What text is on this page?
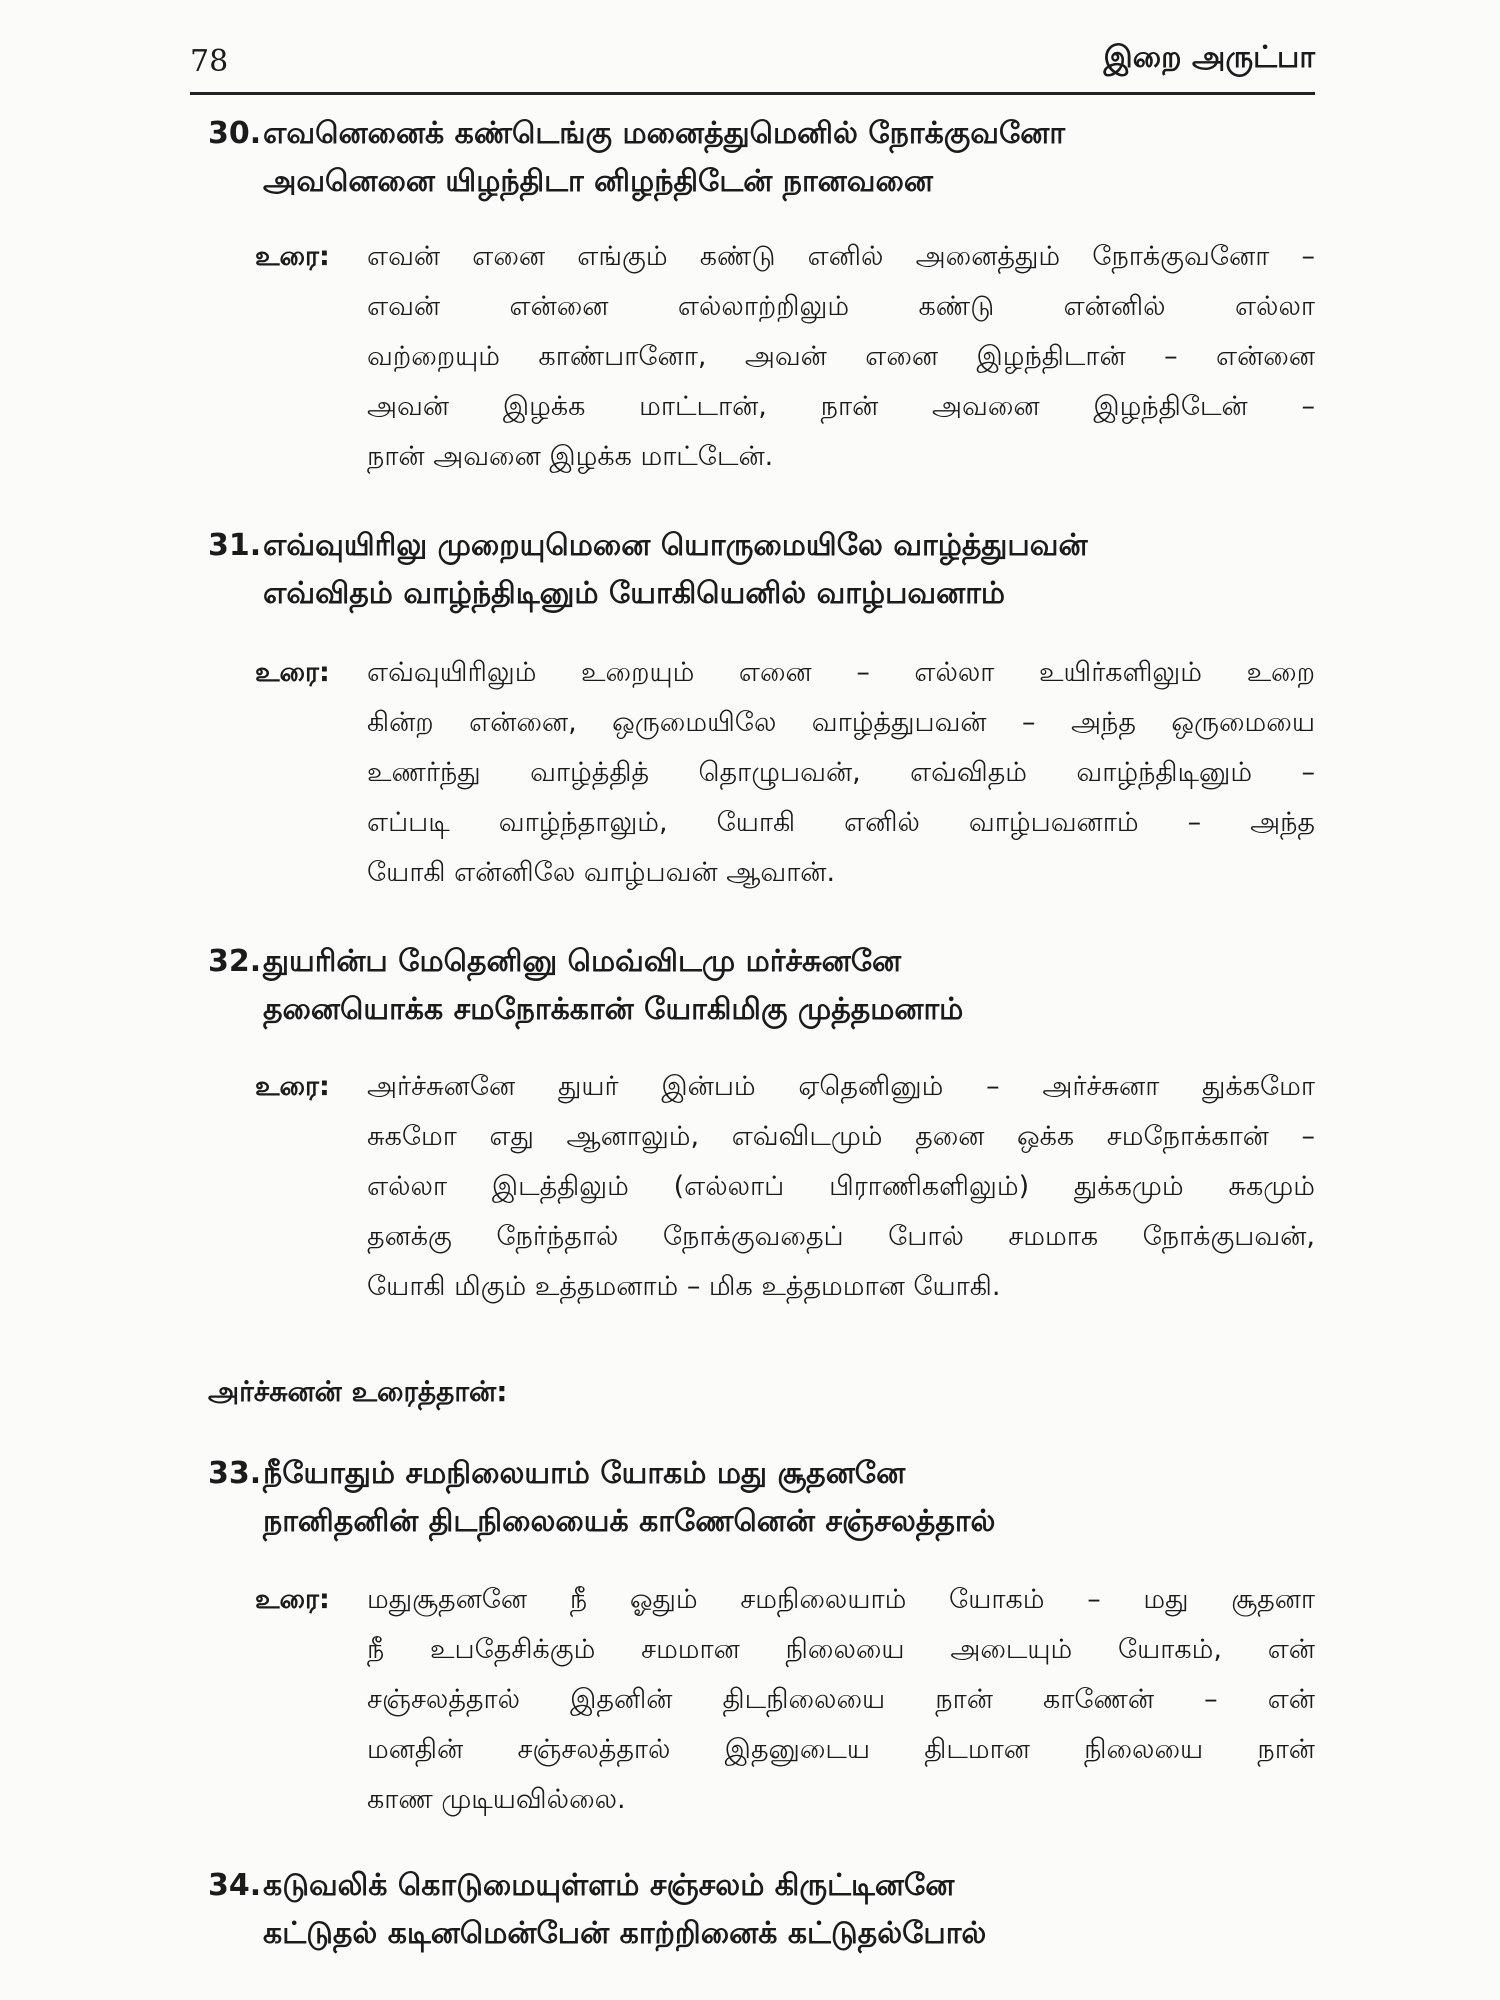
78	இறை அருட்பா
30. எவனெனைக் கண்டெங்கு மனைத்துமெனில் நோக்குவனோ
அவனெனை யிழந்திடா னிழந்திடேன் நானவனை
உரை:	எவன் எனை எங்கும் கண்டு எனில் அனைத்தும் நோக்குவனோ –
எவன் என்னை எல்லாற்றிலும் கண்டு என்னில் எல்லா
வற்றையும் காண்பானோ, அவன் எனை இழந்திடான் – என்னை
அவன் இழக்க மாட்டான், நான் அவனை இழந்திடேன் –
நான் அவனை இழக்க மாட்டேன்.
31. எவ்வுயிரிலு முறையுமெனை யொருமையிலே வாழ்த்துபவன்
எவ்விதம் வாழ்ந்திடினும் யோகியெனில் வாழ்பவனாம்
உரை:	எவ்வுயிரிலும் உறையும் எனை – எல்லா உயிர்களிலும் உறை
கின்ற என்னை, ஒருமையிலே வாழ்த்துபவன் – அந்த ஒருமையை
உணர்ந்து வாழ்த்தித் தொழுபவன், எவ்விதம் வாழ்ந்திடினும் –
எப்படி வாழ்ந்தாலும், யோகி எனில் வாழ்பவனாம் – அந்த
யோகி என்னிலே வாழ்பவன் ஆவான்.
32. துயரின்ப மேதெனினு மெவ்விடமு மர்ச்சுனனே
தனையொக்க சமநோக்கான் யோகிமிகு முத்தமனாம்
உரை:	அர்ச்சுனனே துயர் இன்பம் ஏதெனினும் – அர்ச்சுனா துக்கமோ
சுகமோ எது ஆனாலும், எவ்விடமும் தனை ஒக்க சமநோக்கான் –
எல்லா இடத்திலும் (எல்லாப் பிராணிகளிலும்) துக்கமும் சுகமும்
தனக்கு நேர்ந்தால் நோக்குவதைப் போல் சமமாக நோக்குபவன்,
யோகி மிகும் உத்தமனாம் – மிக உத்தமமான யோகி.
அர்ச்சுனன் உரைத்தான்:
33. நீயோதும் சமநிலையாம் யோகம் மது சூதனனே
நானிதனின் திடநிலையைக் காணேனென் சஞ்சலத்தால்
உரை:	மதுசூதனனே நீ ஓதும் சமநிலையாம் யோகம் – மது சூதனா
நீ உபதேசிக்கும் சமமான நிலையை அடையும் யோகம், என்
சஞ்சலத்தால் இதனின் திடநிலையை நான் காணேன் – என்
மனதின் சஞ்சலத்தால் இதனுடைய திடமான நிலையை நான்
காண முடியவில்லை.
34. கடுவலிக் கொடுமையுள்ளம் சஞ்சலம் கிருட்டினனே
கட்டுதல் கடினமென்பேன் காற்றினைக் கட்டுதல்போல்
